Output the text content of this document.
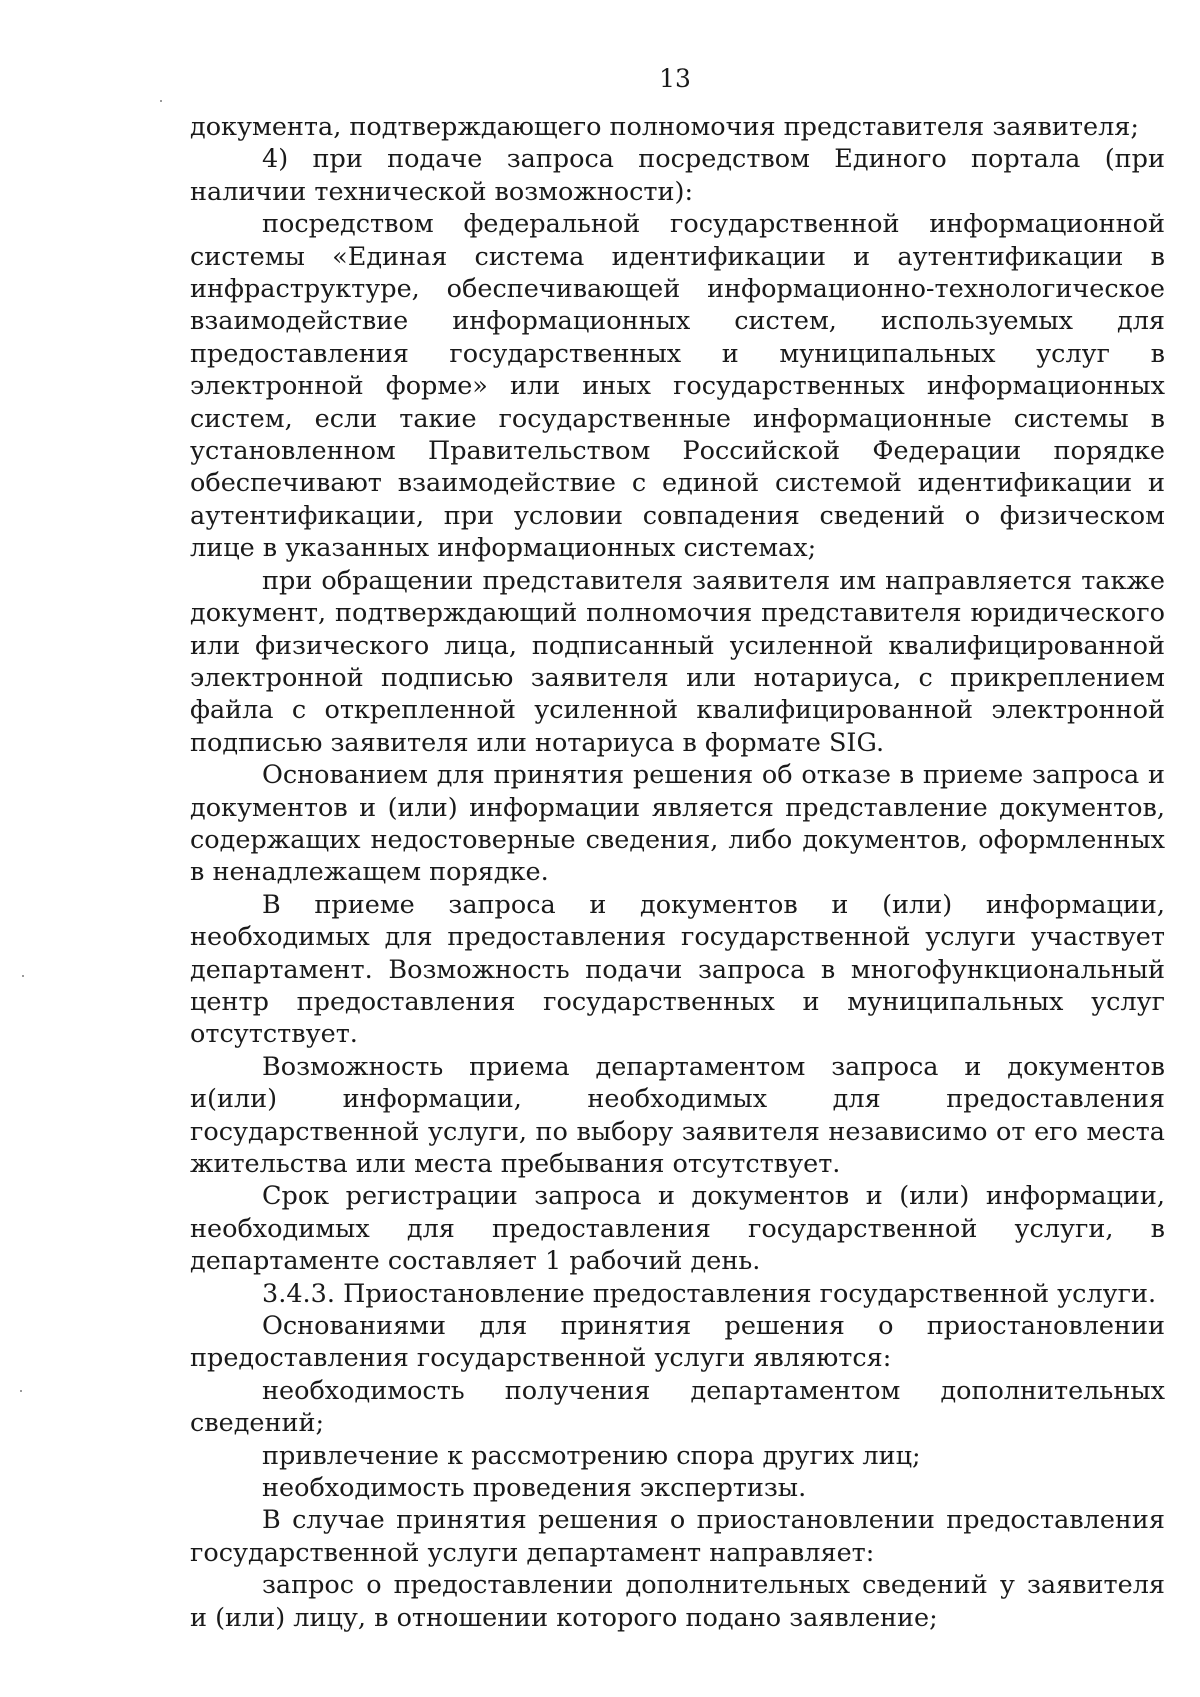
13

документа, подтверждающего полномочия представителя заявителя;

4) при подаче запроса посредством Единого портала (при наличии технической возможности):

посредством федеральной государственной информационной системы «Единая система идентификации и аутентификации в инфраструктуре, обеспечивающей информационно-технологическое взаимодействие информационных систем, используемых для предоставления государственных и муниципальных услуг в электронной форме» или иных государственных информационных систем, если такие государственные информационные системы в установленном Правительством Российской Федерации порядке обеспечивают взаимодействие с единой системой идентификации и аутентификации, при условии совпадения сведений о физическом лице в указанных информационных системах;

при обращении представителя заявителя им направляется также документ, подтверждающий полномочия представителя юридического или физического лица, подписанный усиленной квалифицированной электронной подписью заявителя или нотариуса, с прикреплением файла с открепленной усиленной квалифицированной электронной подписью заявителя или нотариуса в формате SIG.

Основанием для принятия решения об отказе в приеме запроса и документов и (или) информации является представление документов, содержащих недостоверные сведения, либо документов, оформленных в ненадлежащем порядке.

В приеме запроса и документов и (или) информации, необходимых для предоставления государственной услуги участвует департамент. Возможность подачи запроса в многофункциональный центр предоставления государственных и муниципальных услуг отсутствует.

Возможность приема департаментом запроса и документов и(или) информации, необходимых для предоставления государственной услуги, по выбору заявителя независимо от его места жительства или места пребывания отсутствует.

Срок регистрации запроса и документов и (или) информации, необходимых для предоставления государственной услуги, в департаменте составляет 1 рабочий день.

3.4.3. Приостановление предоставления государственной услуги.

Основаниями для принятия решения о приостановлении предоставления государственной услуги являются:

необходимость получения департаментом дополнительных сведений;

привлечение к рассмотрению спора других лиц;

необходимость проведения экспертизы.

В случае принятия решения о приостановлении предоставления государственной услуги департамент направляет:

запрос о предоставлении дополнительных сведений у заявителя и (или) лицу, в отношении которого подано заявление;
